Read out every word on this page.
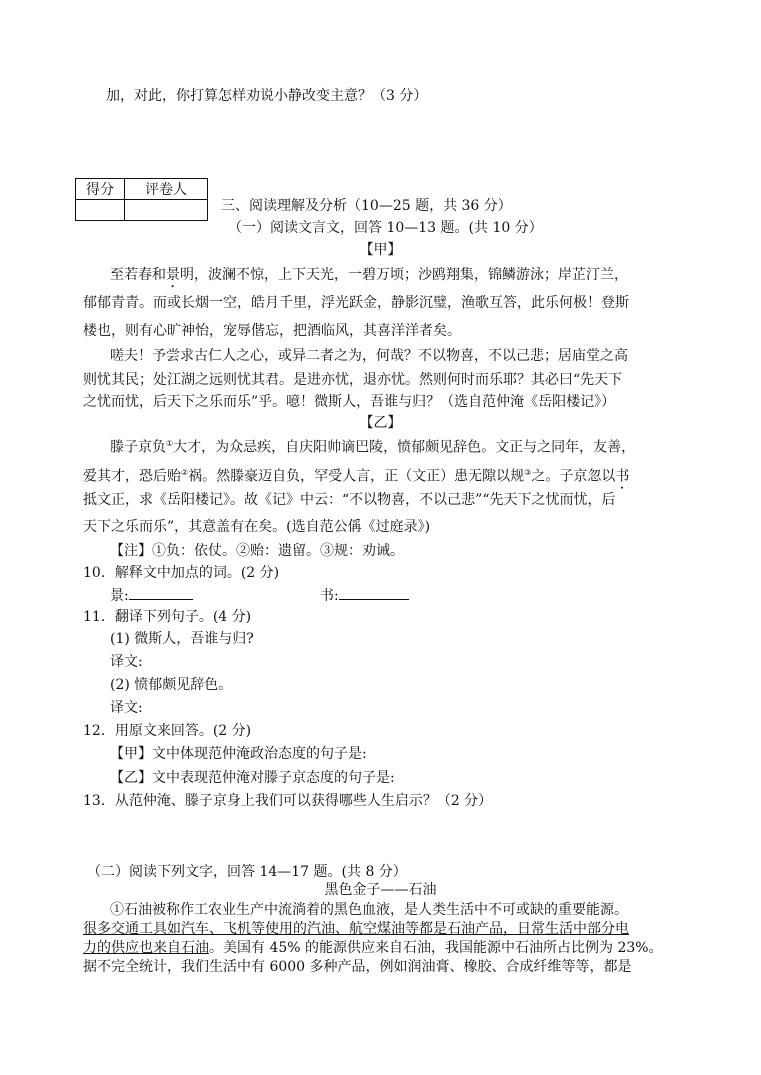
加，对此，你打算怎样劝说小静改变主意？（3 分）
得分	评卷人

三、阅读理解及分析（10—25 题，共 36 分）
（一）阅读文言文，回答 10—13 题。(共 10 分）
【甲】
至若春和景明，波澜不惊，上下天光，一碧万顷；沙鸥翔集，锦鳞游泳；岸芷汀兰，
郁郁青青。而或长烟一空，皓月千里，浮光跃金，静影沉璧，渔歌互答，此乐何极！登斯
楼也，则有心旷神怡，宠辱偕忘，把酒临风，其喜洋洋者矣。
嗟夫！予尝求古仁人之心，或异二者之为，何哉？不以物喜，不以己悲；居庙堂之高
则忧其民；处江湖之远则忧其君。是进亦忧，退亦忧。然则何时而乐耶？其必曰“先天下
之忧而忧，后天下之乐而乐”乎。噫！微斯人，吾谁与归？（选自范仲淹《岳阳楼记》）
【乙】
滕子京负①大才，为众忌疾，自庆阳帅谪巴陵，愤郁颇见辞色。文正与之同年，友善，
爱其才，恐后贻②祸。然滕豪迈自负，罕受人言，正（文正）患无隙以规③之。子京忽以书
抵文正，求《岳阳楼记》。故《记》中云：“不以物喜，不以己悲”“先天下之忧而忧，后
天下之乐而乐”，其意盖有在矣。(选自范公偁《过庭录》)
【注】①负：依仗。②贻：遗留。③规：劝诫。
10．解释文中加点的词。(2 分)
景:	书:
11．翻译下列句子。(4 分)
(1) 微斯人，吾谁与归?
译文:
(2) 愤郁颇见辞色。
译文:
12．用原文来回答。(2 分)
【甲】文中体现范仲淹政治态度的句子是:
【乙】文中表现范仲淹对滕子京态度的句子是:
13．从范仲淹、滕子京身上我们可以获得哪些人生启示？（2 分）
（二）阅读下列文字，回答 14—17 题。(共 8 分）
黑色金子——石油
①石油被称作工农业生产中流淌着的黑色血液，是人类生活中不可或缺的重要能源。
很多交通工具如汽车、飞机等使用的汽油、航空煤油等都是石油产品，日常生活中部分电
力的供应也来自石油。美国有 45% 的能源供应来自石油，我国能源中石油所占比例为 23%。
据不完全统计，我们生活中有 6000 多种产品，例如润油膏、橡胶、合成纤维等等，都是
